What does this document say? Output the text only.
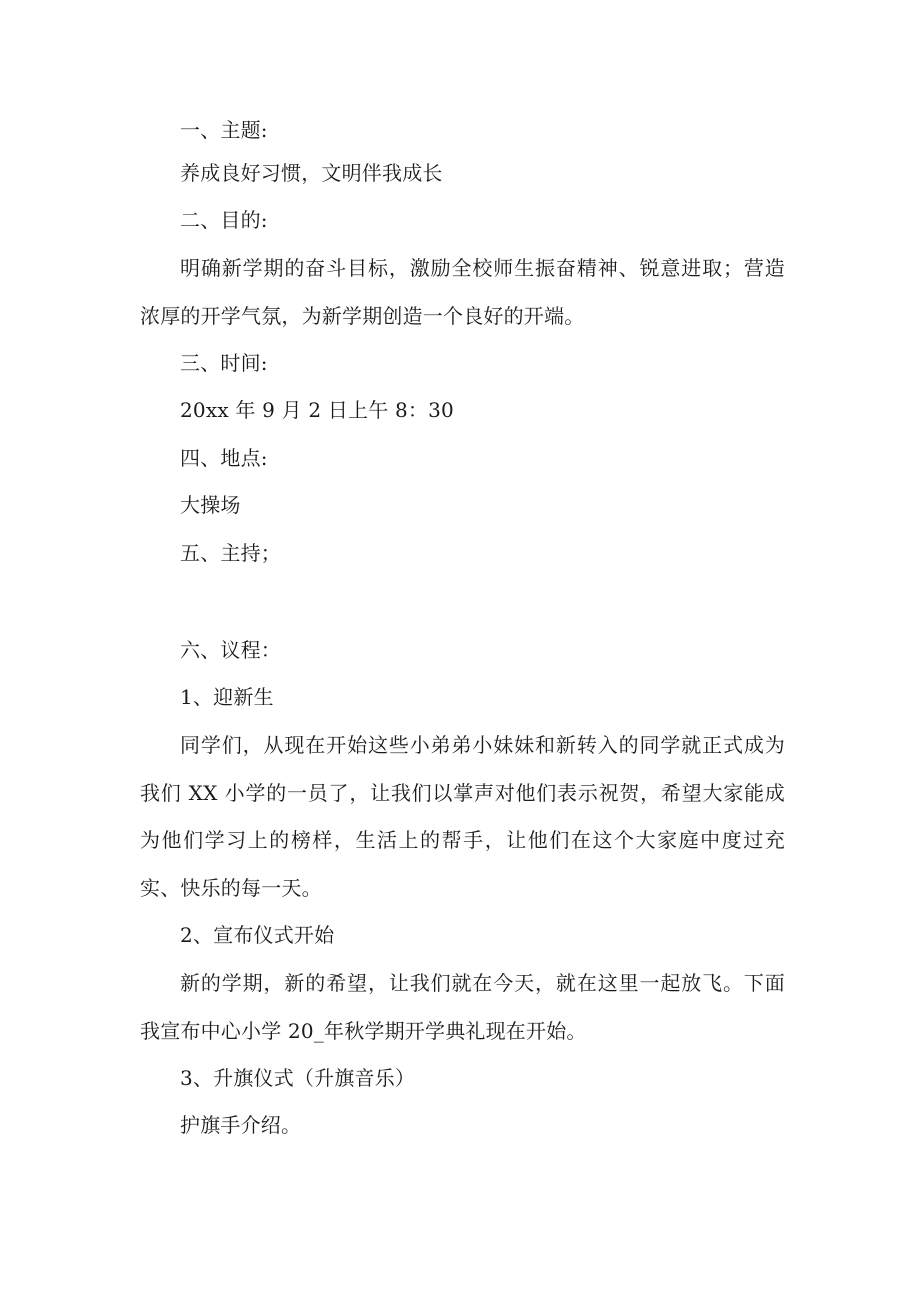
一、主题:

养成良好习惯，文明伴我成长

二、目的:

明确新学期的奋斗目标，激励全校师生振奋精神、锐意进取；营造浓厚的开学气氛，为新学期创造一个良好的开端。

三、时间:

20xx 年 9 月 2 日上午 8：30

四、地点:

大操场

五、主持；

六、议程：

1、迎新生

同学们，从现在开始这些小弟弟小妹妹和新转入的同学就正式成为我们 XX 小学的一员了，让我们以掌声对他们表示祝贺，希望大家能成为他们学习上的榜样，生活上的帮手，让他们在这个大家庭中度过充实、快乐的每一天。

2、宣布仪式开始

新的学期，新的希望，让我们就在今天，就在这里一起放飞。下面我宣布中心小学 20_年秋学期开学典礼现在开始。

3、升旗仪式（升旗音乐）

护旗手介绍。
